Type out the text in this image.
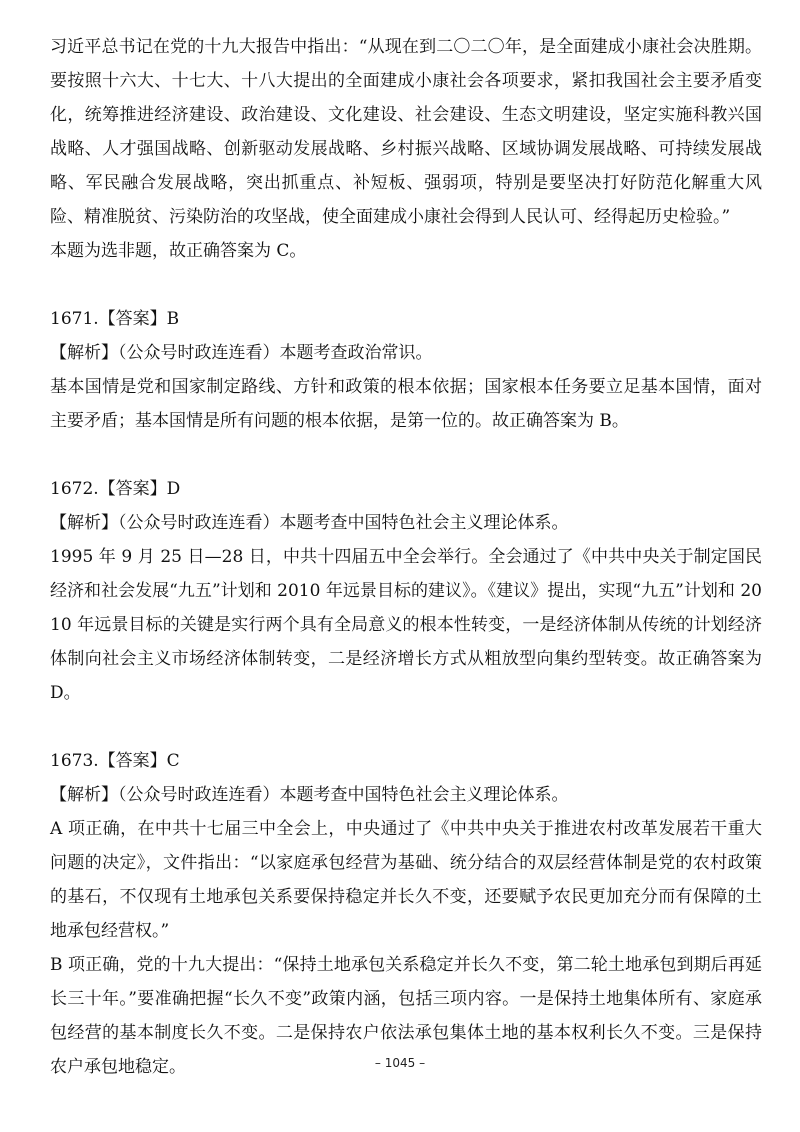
习近平总书记在党的十九大报告中指出：“从现在到二〇二〇年，是全面建成小康社会决胜期。要按照十六大、十七大、十八大提出的全面建成小康社会各项要求，紧扣我国社会主要矛盾变化，统筹推进经济建设、政治建设、文化建设、社会建设、生态文明建设，坚定实施科教兴国战略、人才强国战略、创新驱动发展战略、乡村振兴战略、区域协调发展战略、可持续发展战略、军民融合发展战略，突出抓重点、补短板、强弱项，特别是要坚决打好防范化解重大风险、精准脱贫、污染防治的攻坚战，使全面建成小康社会得到人民认可、经得起历史检验。”

本题为选非题，故正确答案为 C。

1671.【答案】B

【解析】（公众号时政连连看）本题考查政治常识。

基本国情是党和国家制定路线、方针和政策的根本依据；国家根本任务要立足基本国情，面对主要矛盾；基本国情是所有问题的根本依据，是第一位的。故正确答案为 B。

1672.【答案】D

【解析】（公众号时政连连看）本题考查中国特色社会主义理论体系。

1995 年 9 月 25 日—28 日，中共十四届五中全会举行。全会通过了《中共中央关于制定国民经济和社会发展“九五”计划和 2010 年远景目标的建议》。《建议》提出，实现“九五”计划和 2010 年远景目标的关键是实行两个具有全局意义的根本性转变，一是经济体制从传统的计划经济体制向社会主义市场经济体制转变，二是经济增长方式从粗放型向集约型转变。故正确答案为 D。

1673.【答案】C

【解析】（公众号时政连连看）本题考查中国特色社会主义理论体系。

A 项正确，在中共十七届三中全会上，中央通过了《中共中央关于推进农村改革发展若干重大问题的决定》，文件指出：“以家庭承包经营为基础、统分结合的双层经营体制是党的农村政策的基石，不仅现有土地承包关系要保持稳定并长久不变，还要赋予农民更加充分而有保障的土地承包经营权。”

B 项正确，党的十九大提出：“保持土地承包关系稳定并长久不变，第二轮土地承包到期后再延长三十年。”要准确把握“长久不变”政策内涵，包括三项内容。一是保持土地集体所有、家庭承包经营的基本制度长久不变。二是保持农户依法承包集体土地的基本权利长久不变。三是保持农户承包地稳定。	– 1045 –
